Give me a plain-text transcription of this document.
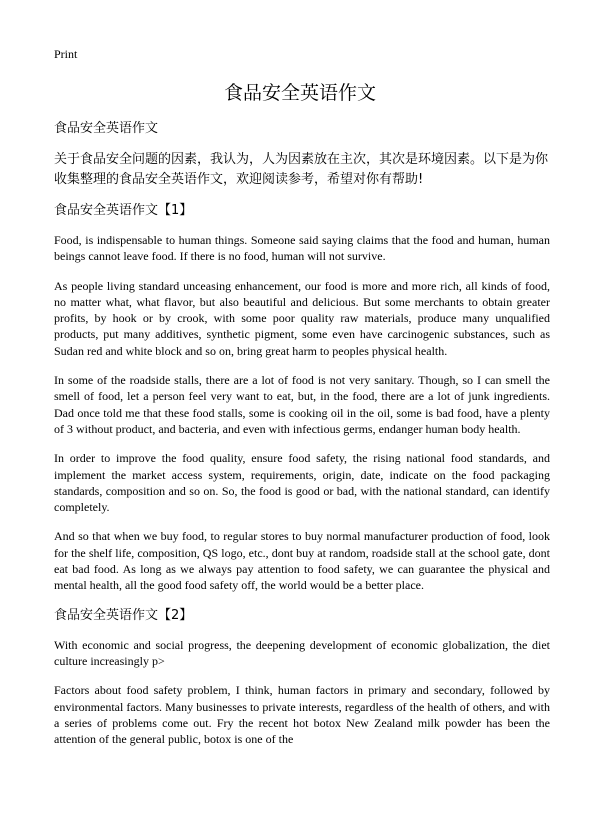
Print
食品安全英语作文

食品安全英语作文

关于食品安全问题的因素，我认为，人为因素放在主次，其次是环境因素。以下是为你收集整理的食品安全英语作文，欢迎阅读参考，希望对你有帮助!

食品安全英语作文【1】

Food, is indispensable to human things. Someone said saying claims that the food and human, human beings cannot leave food. If there is no food, human will not survive.

As people living standard unceasing enhancement, our food is more and more rich, all kinds of food, no matter what, what flavor, but also beautiful and delicious. But some merchants to obtain greater profits, by hook or by crook, with some poor quality raw materials, produce many unqualified products, put many additives, synthetic pigment, some even have carcinogenic substances, such as Sudan red and white block and so on, bring great harm to peoples physical health.

In some of the roadside stalls, there are a lot of food is not very sanitary. Though, so I can smell the smell of food, let a person feel very want to eat, but, in the food, there are a lot of junk ingredients. Dad once told me that these food stalls, some is cooking oil in the oil, some is bad food, have a plenty of 3 without product, and bacteria, and even with infectious germs, endanger human body health.

In order to improve the food quality, ensure food safety, the rising national food standards, and implement the market access system, requirements, origin, date, indicate on the food packaging standards, composition and so on. So, the food is good or bad, with the national standard, can identify completely.

And so that when we buy food, to regular stores to buy normal manufacturer production of food, look for the shelf life, composition, QS logo, etc., dont buy at random, roadside stall at the school gate, dont eat bad food. As long as we always pay attention to food safety, we can guarantee the physical and mental health, all the good food safety off, the world would be a better place.

食品安全英语作文【2】

With economic and social progress, the deepening development of economic globalization, the diet culture increasingly p>

Factors about food safety problem, I think, human factors in primary and secondary, followed by environmental factors. Many businesses to private interests, regardless of the health of others, and with a series of problems come out. Fry the recent hot botox New Zealand milk powder has been the attention of the general public, botox is one of the
